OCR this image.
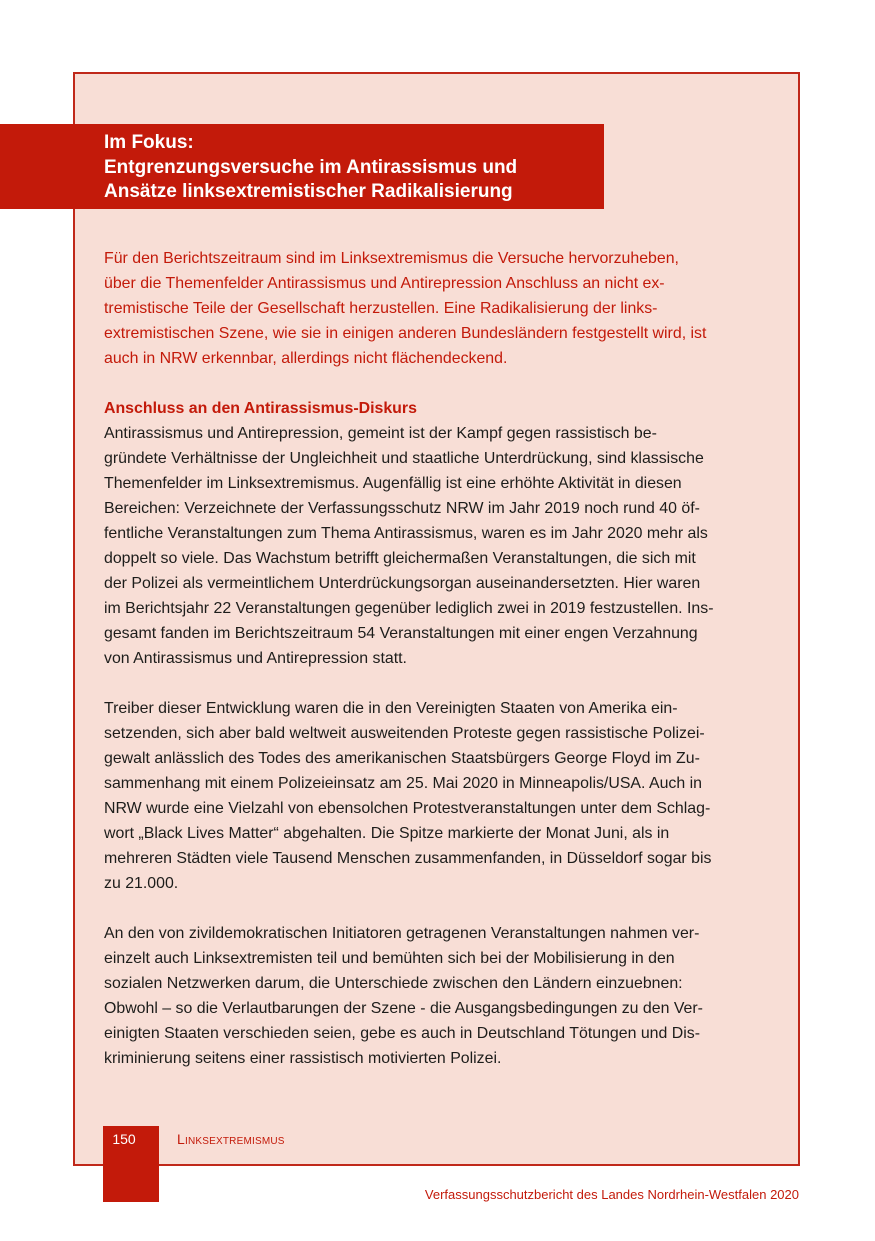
Im Fokus:
Entgrenzungsversuche im Antirassismus und
Ansätze linksextremistischer Radikalisierung
Für den Berichtszeitraum sind im Linksextremismus die Versuche hervorzuheben,
über die Themenfelder Antirassismus und Antirepression Anschluss an nicht ex-
tremistische Teile der Gesellschaft herzustellen. Eine Radikalisierung der links-
extremistischen Szene, wie sie in einigen anderen Bundesländern festgestellt wird, ist
auch in NRW erkennbar, allerdings nicht flächendeckend.
Anschluss an den Antirassismus-Diskurs
Antirassismus und Antirepression, gemeint ist der Kampf gegen rassistisch be-
gründete Verhältnisse der Ungleichheit und staatliche Unterdrückung, sind klassische
Themenfelder im Linksextremismus. Augenfällig ist eine erhöhte Aktivität in diesen
Bereichen: Verzeichnete der Verfassungsschutz NRW im Jahr 2019 noch rund 40 öf-
fentliche Veranstaltungen zum Thema Antirassismus, waren es im Jahr 2020 mehr als
doppelt so viele. Das Wachstum betrifft gleichermaßen Veranstaltungen, die sich mit
der Polizei als vermeintlichem Unterdrückungsorgan auseinandersetzten. Hier waren
im Berichtsjahr 22 Veranstaltungen gegenüber lediglich zwei in 2019 festzustellen. Ins-
gesamt fanden im Berichtszeitraum 54 Veranstaltungen mit einer engen Verzahnung
von Antirassismus und Antirepression statt.
Treiber dieser Entwicklung waren die in den Vereinigten Staaten von Amerika ein-
setzenden, sich aber bald weltweit ausweitenden Proteste gegen rassistische Polizei-
gewalt anlässlich des Todes des amerikanischen Staatsbürgers George Floyd im Zu-
sammenhang mit einem Polizeieinsatz am 25. Mai 2020 in Minneapolis/USA. Auch in
NRW wurde eine Vielzahl von ebensolchen Protestveranstaltungen unter dem Schlag-
wort „Black Lives Matter“ abgehalten. Die Spitze markierte der Monat Juni, als in
mehreren Städten viele Tausend Menschen zusammenfanden, in Düsseldorf sogar bis
zu 21.000.
An den von zivildemokratischen Initiatoren getragenen Veranstaltungen nahmen ver-
einzelt auch Linksextremisten teil und bemühten sich bei der Mobilisierung in den
sozialen Netzwerken darum, die Unterschiede zwischen den Ländern einzuebnen:
Obwohl – so die Verlautbarungen der Szene - die Ausgangsbedingungen zu den Ver-
einigten Staaten verschieden seien, gebe es auch in Deutschland Tötungen und Dis-
kriminierung seitens einer rassistisch motivierten Polizei.
150	Linksextremismus
Verfassungsschutzbericht des Landes Nordrhein-Westfalen 2020
